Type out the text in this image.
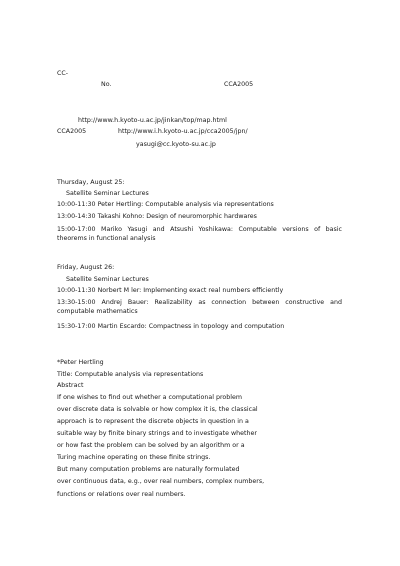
CC-
No.	CCA2005
http://www.h.kyoto-u.ac.jp/jinkan/top/map.html
CCA2005	http://www.i.h.kyoto-u.ac.jp/cca2005/jpn/
yasugi@cc.kyoto-su.ac.jp
Thursday, August 25:
Satellite Seminar Lectures
10:00-11:30 Peter Hertling: Computable analysis via representations
13:00-14:30 Takashi Kohno: Design of neuromorphic hardwares
15:00-17:00 Mariko Yasugi and Atsushi Yoshikawa: Computable versions of basic theorems in functional analysis
Friday, August 26:
Satellite Seminar Lectures
10:00-11:30 Norbert M ler: Implementing exact real numbers efficiently
13:30-15:00 Andrej Bauer: Realizability as connection between constructive and computable mathematics
15:30-17:00 Martin Escardo: Compactness in topology and computation
*Peter Hertling
Title: Computable analysis via representations
Abstract
If one wishes to find out whether a computational problem
over discrete data is solvable or how complex it is, the classical
approach is to represent the discrete objects in question in a
suitable way by finite binary strings and to investigate whether
or how fast the problem can be solved by an algorithm or a
Turing machine operating on these finite strings.
But many computation problems are naturally formulated
over continuous data, e.g., over real numbers, complex numbers,
functions or relations over real numbers.
